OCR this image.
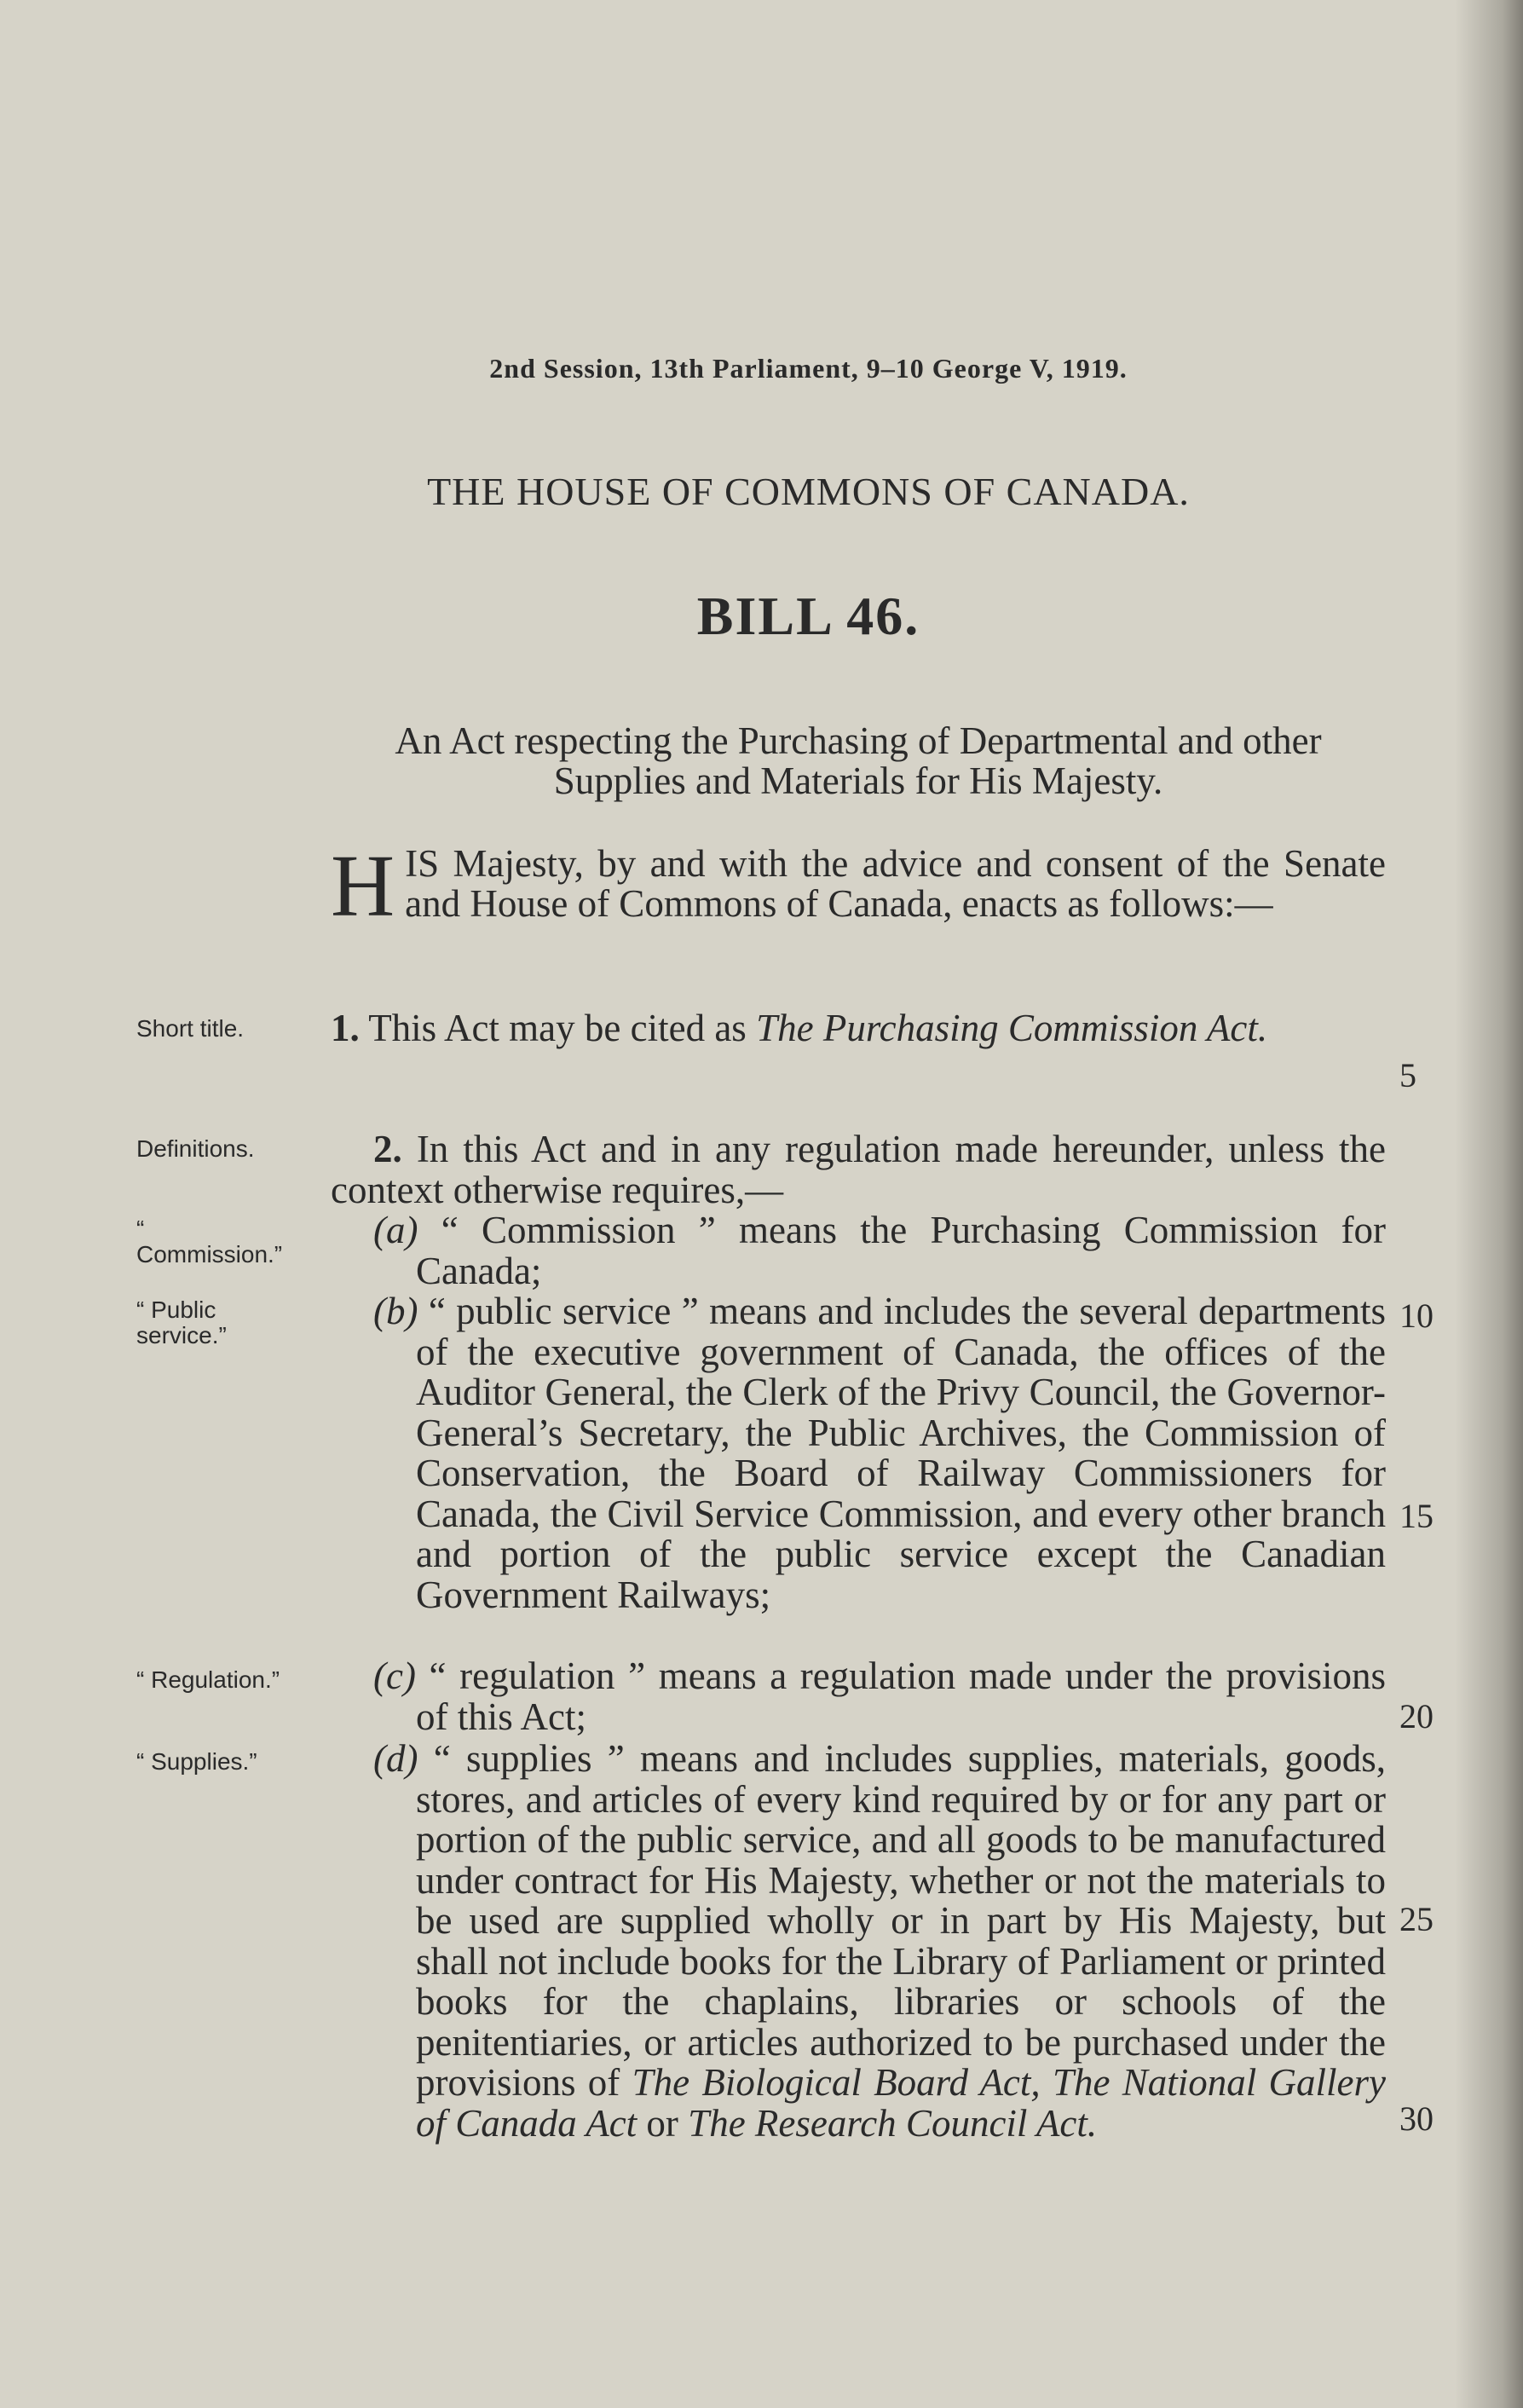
2nd Session, 13th Parliament, 9–10 George V, 1919.
THE HOUSE OF COMMONS OF CANADA.
BILL 46.
An Act respecting the Purchasing of Departmental and other Supplies and Materials for His Majesty.
H IS Majesty, by and with the advice and consent of the Senate and House of Commons of Canada, enacts as follows:—
Short title.	1. This Act may be cited as The Purchasing Commission Act.
5
Definitions.	2. In this Act and in any regulation made hereunder, unless the context otherwise requires,—
“ Commission.”
(a) “ Commission ” means the Purchasing Commission for Canada;
“ Public service.”
(b) “ public service ” means and includes the several departments of the executive government of Canada, the offices of the Auditor General, the Clerk of the Privy Council, the Governor-General’s Secretary, the Public Archives, the Commission of Conservation, the Board of Railway Commissioners for Canada, the Civil Service Commission, and every other branch and portion of the public service except the Canadian Government Railways;
10
15
“ Regulation.” (c) “ regulation ” means a regulation made under the provisions of this Act;	20
“ Supplies.”	(d) “ supplies ” means and includes supplies, materials, goods, stores, and articles of every kind required by or for any part or portion of the public service, and all goods to be manufactured under contract for His Majesty, whether or not the materials to be used are supplied wholly or in part by His Majesty, but shall not include books for the Library of Parliament or printed books for the chaplains, libraries or schools of the penitentiaries, or articles authorized to be purchased under the provisions of The Biological Board Act, The National Gallery of Canada Act or The Research Council Act.
25
30
